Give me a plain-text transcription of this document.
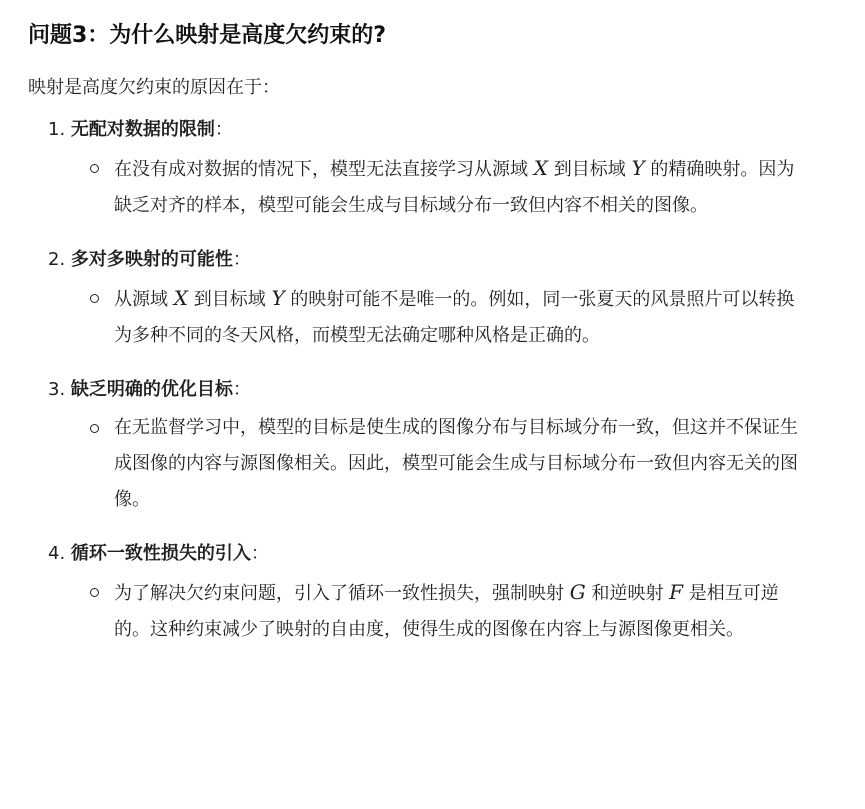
问题3：为什么映射是高度欠约束的?

映射是高度欠约束的原因在于：

1. 无配对数据的限制：
在没有成对数据的情况下，模型无法直接学习从源域 X 到目标域 Y 的精确映射。因为缺乏对齐的样本，模型可能会生成与目标域分布一致但内容不相关的图像。
2. 多对多映射的可能性：
从源域 X 到目标域 Y 的映射可能不是唯一的。例如，同一张夏天的风景照片可以转换为多种不同的冬天风格，而模型无法确定哪种风格是正确的。
3. 缺乏明确的优化目标：
在无监督学习中，模型的目标是使生成的图像分布与目标域分布一致，但这并不保证生成图像的内容与源图像相关。因此，模型可能会生成与目标域分布一致但内容无关的图像。
4. 循环一致性损失的引入：
为了解决欠约束问题，引入了循环一致性损失，强制映射 G 和逆映射 F 是相互可逆的。这种约束减少了映射的自由度，使得生成的图像在内容上与源图像更相关。
